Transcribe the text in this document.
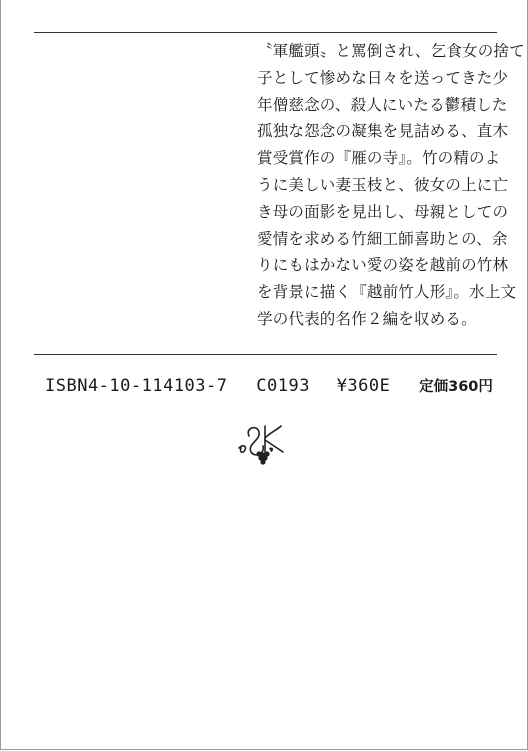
〝軍艦頭〟と罵倒され、乞食女の捨て
子として惨めな日々を送ってきた少
年僧慈念の、殺人にいたる鬱積した
孤独な怨念の凝集を見詰める、直木
賞受賞作の『雁の寺』。竹の精のよ
うに美しい妻玉枝と、彼女の上に亡
き母の面影を見出し、母親としての
愛情を求める竹細工師喜助との、余
りにもはかない愛の姿を越前の竹林
を背景に描く『越前竹人形』。水上文
学の代表的名作２編を収める。
ISBN4-10-114103-7 C0193 ¥360E 定価360円
